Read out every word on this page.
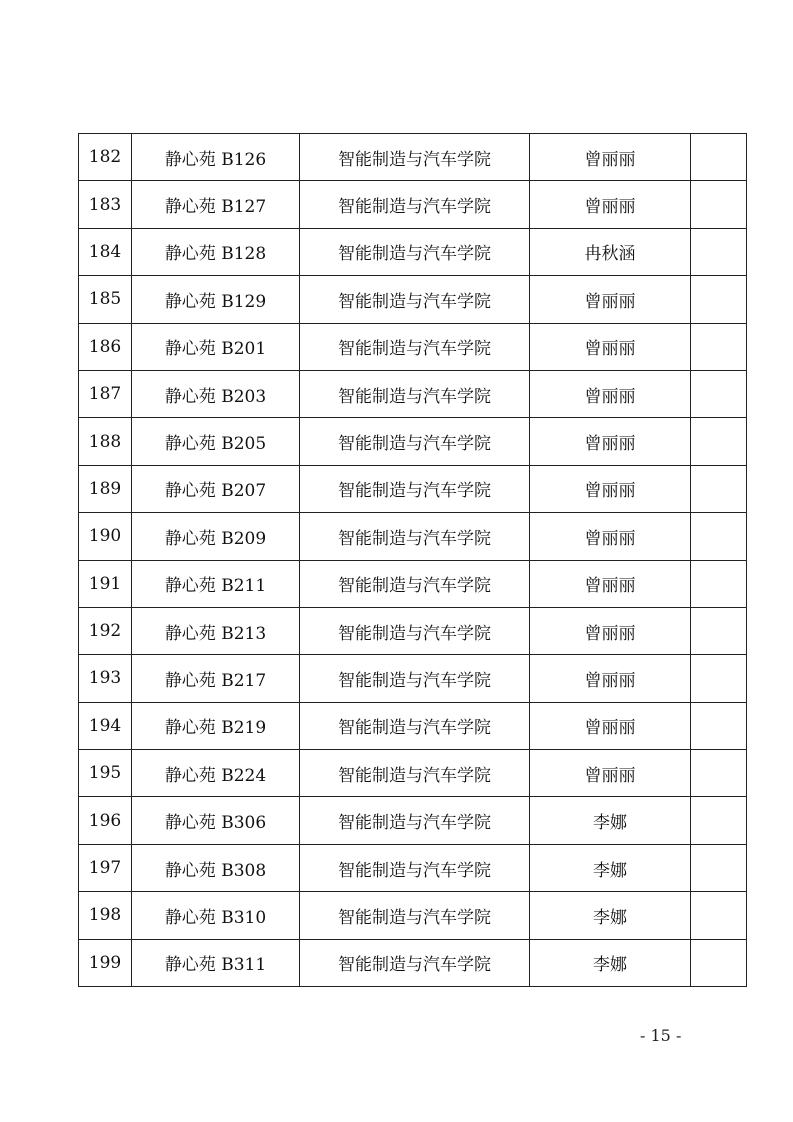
182	静心苑 B126	智能制造与汽车学院	曾丽丽	
183	静心苑 B127	智能制造与汽车学院	曾丽丽	
184	静心苑 B128	智能制造与汽车学院	冉秋涵	
185	静心苑 B129	智能制造与汽车学院	曾丽丽	
186	静心苑 B201	智能制造与汽车学院	曾丽丽	
187	静心苑 B203	智能制造与汽车学院	曾丽丽	
188	静心苑 B205	智能制造与汽车学院	曾丽丽	
189	静心苑 B207	智能制造与汽车学院	曾丽丽	
190	静心苑 B209	智能制造与汽车学院	曾丽丽	
191	静心苑 B211	智能制造与汽车学院	曾丽丽	
192	静心苑 B213	智能制造与汽车学院	曾丽丽	
193	静心苑 B217	智能制造与汽车学院	曾丽丽	
194	静心苑 B219	智能制造与汽车学院	曾丽丽	
195	静心苑 B224	智能制造与汽车学院	曾丽丽	
196	静心苑 B306	智能制造与汽车学院	李娜	
197	静心苑 B308	智能制造与汽车学院	李娜	
198	静心苑 B310	智能制造与汽车学院	李娜	
199	静心苑 B311	智能制造与汽车学院	李娜	
- 15 -
